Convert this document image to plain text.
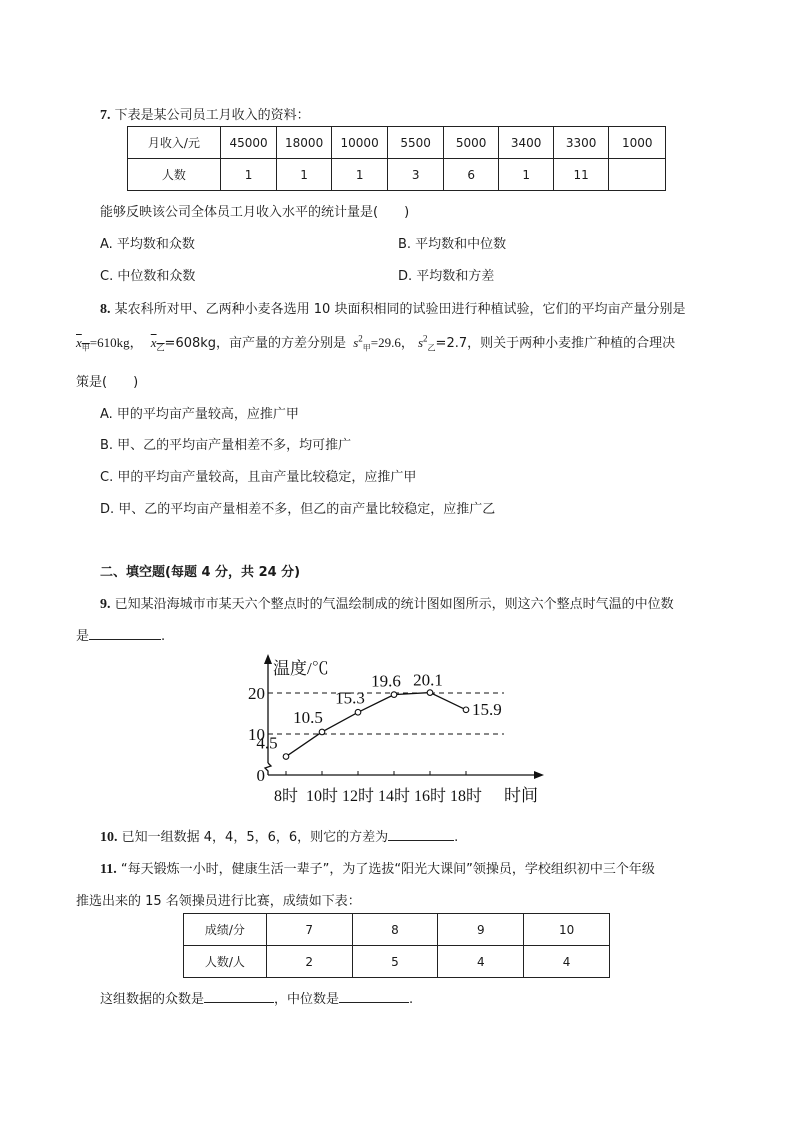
7. 下表是某公司员工月收入的资料：
月收入/元	45000	18000	10000	5500	5000	3400	3300	1000
人数	1	1	1	3	6	1	11	
能够反映该公司全体员工月收入水平的统计量是(　　)
A. 平均数和众数	B. 平均数和中位数
C. 中位数和众数	D. 平均数和方差
8. 某农科所对甲、乙两种小麦各选用 10 块面积相同的试验田进行种植试验，它们的平均亩产量分别是
$x_甲=610kg$， $x_乙=608kg$，亩产量的方差分别是 $s^2_甲=29.6$， $s^2_乙=2.7$，则关于两种小麦推广种植的合理决
策是(　　)
A. 甲的平均亩产量较高，应推广甲
B. 甲、乙的平均亩产量相差不多，均可推广
C. 甲的平均亩产量较高，且亩产量比较稳定，应推广甲
D. 甲、乙的平均亩产量相差不多，但乙的亩产量比较稳定，应推广乙
二、填空题(每题 4 分，共 24 分)
9. 已知某沿海城市市某天六个整点时的气温绘制成的统计图如图所示，则这六个整点时气温的中位数
是	.
0
10
20
温度/℃
时间
8时 10时 12时 14时 16时 18时
4.5
10.5
15.3
19.6 20.1
15.9
10. 已知一组数据 4，4，5，6，6，则它的方差为	.
11. “每天锻炼一小时，健康生活一辈子”，为了选拔“阳光大课间”领操员，学校组织初中三个年级
推选出来的 15 名领操员进行比赛，成绩如下表：
成绩/分	7	8	9	10
人数/人	2	5	4	4
这组数据的众数是	，中位数是	.
